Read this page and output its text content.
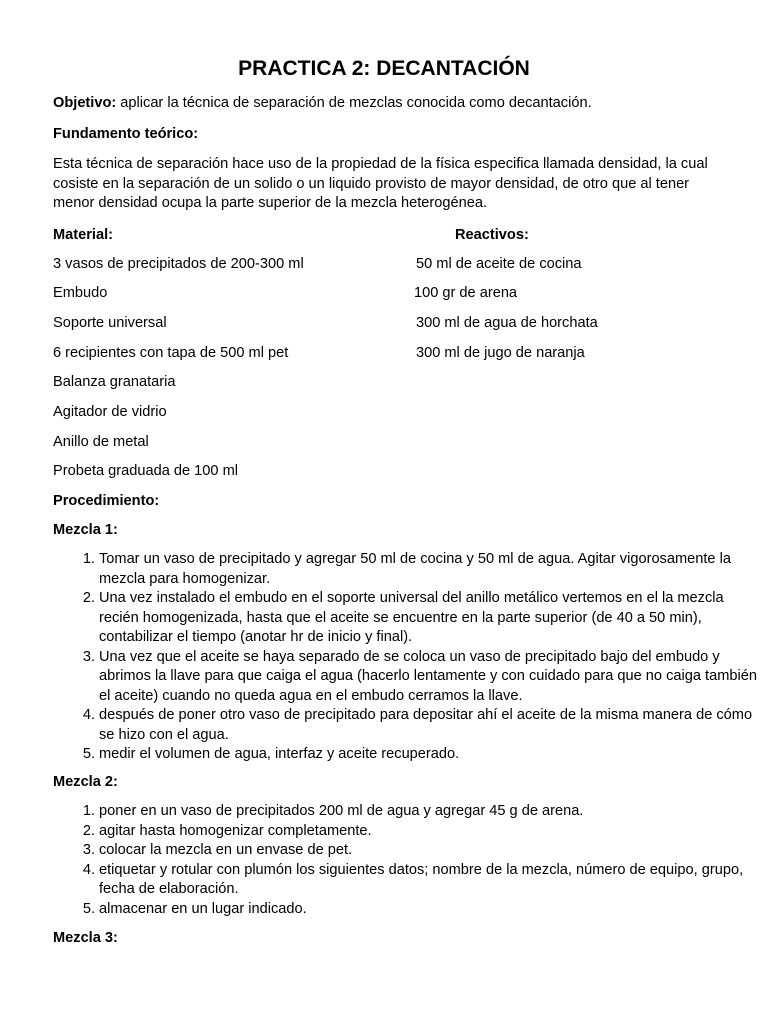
PRACTICA 2: DECANTACIÓN
Objetivo: aplicar la técnica de separación de mezclas conocida como decantación.
Fundamento teórico:
Esta técnica de separación hace uso de la propiedad de la física especifica llamada densidad, la cual cosiste en la separación de un solido o un liquido provisto de mayor densidad, de otro que al tener menor densidad ocupa la parte superior de la mezcla heterogénea.
Material:
3 vasos de precipitados de 200-300 ml
Embudo
Soporte universal
6 recipientes con tapa de 500 ml pet
Balanza granataria
Agitador de vidrio
Anillo de metal
Probeta graduada de 100 ml
Reactivos:
50 ml de aceite de cocina
100 gr de arena
300 ml de agua de horchata
300 ml de jugo de naranja
Procedimiento:
Mezcla 1:
1. Tomar un vaso de precipitado y agregar 50 ml de cocina y 50 ml de agua. Agitar vigorosamente la mezcla para homogenizar.
2. Una vez instalado el embudo en el soporte universal del anillo metálico vertemos en el la mezcla recién homogenizada, hasta que el aceite se encuentre en la parte superior (de 40 a 50 min), contabilizar el tiempo (anotar hr de inicio y final).
3. Una vez que el aceite se haya separado de se coloca un vaso de precipitado bajo del embudo y abrimos la llave para que caiga el agua (hacerlo lentamente y con cuidado para que no caiga también el aceite) cuando no queda agua en el embudo cerramos la llave.
4. después de poner otro vaso de precipitado para depositar ahí el aceite de la misma manera de cómo se hizo con el agua.
5. medir el volumen de agua, interfaz y aceite recuperado.
Mezcla 2:
1. poner en un vaso de precipitados 200 ml de agua y agregar 45 g de arena.
2. agitar hasta homogenizar completamente.
3. colocar la mezcla en un envase de pet.
4. etiquetar y rotular con plumón los siguientes datos; nombre de la mezcla, número de equipo, grupo, fecha de elaboración.
5. almacenar en un lugar indicado.
Mezcla 3:
